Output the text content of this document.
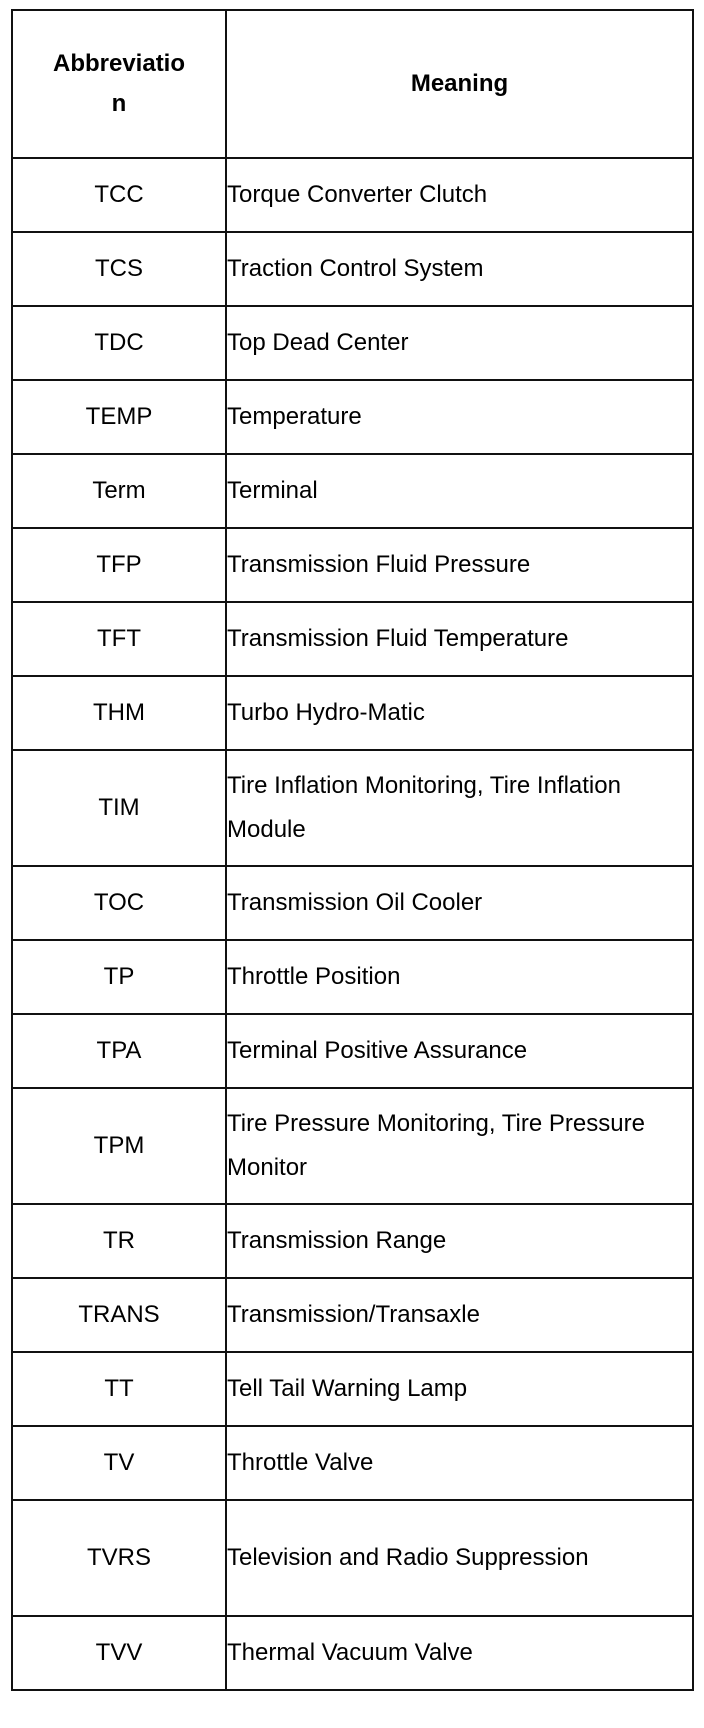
Abbreviation	Meaning
TCC	Torque Converter Clutch
TCS	Traction Control System
TDC	Top Dead Center
TEMP	Temperature
Term	Terminal
TFP	Transmission Fluid Pressure
TFT	Transmission Fluid Temperature
THM	Turbo Hydro-Matic
TIM	Tire Inflation Monitoring, Tire Inflation Module
TOC	Transmission Oil Cooler
TP	Throttle Position
TPA	Terminal Positive Assurance
TPM	Tire Pressure Monitoring, Tire Pressure Monitor
TR	Transmission Range
TRANS	Transmission/Transaxle
TT	Tell Tail Warning Lamp
TV	Throttle Valve
TVRS	Television and Radio Suppression
TVV	Thermal Vacuum Valve
